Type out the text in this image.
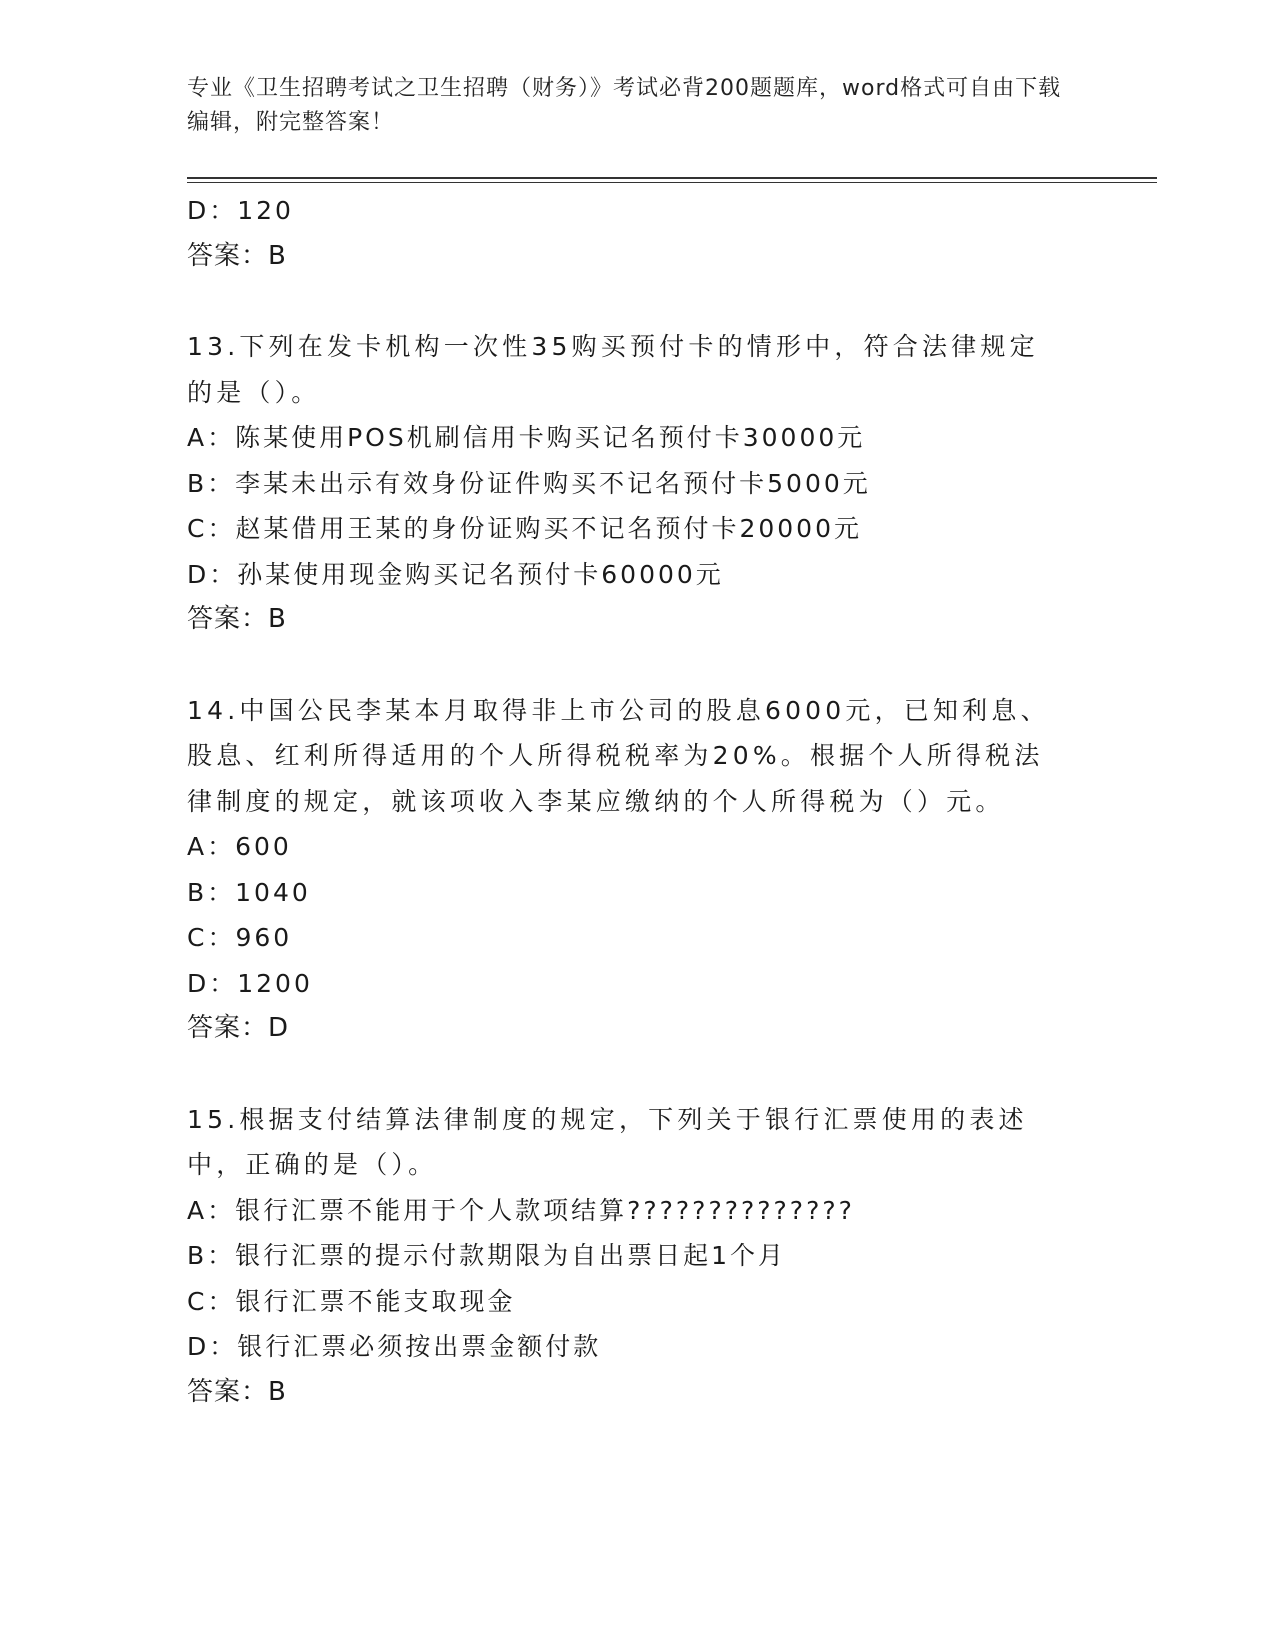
专业《卫生招聘考试之卫生招聘（财务）》考试必背200题题库，word格式可自由下载编辑，附完整答案！
D：120
答案：B
13.下列在发卡机构一次性35购买预付卡的情形中，符合法律规定的是（）。
A：陈某使用POS机刷信用卡购买记名预付卡30000元
B：李某未出示有效身份证件购买不记名预付卡5000元
C：赵某借用王某的身份证购买不记名预付卡20000元
D：孙某使用现金购买记名预付卡60000元
答案：B
14.中国公民李某本月取得非上市公司的股息6000元，已知利息、股息、红利所得适用的个人所得税税率为20%。根据个人所得税法律制度的规定，就该项收入李某应缴纳的个人所得税为（）元。
A：600
B：1040
C：960
D：1200
答案：D
15.根据支付结算法律制度的规定，下列关于银行汇票使用的表述中，正确的是（）。
A：银行汇票不能用于个人款项结算??????????????
B：银行汇票的提示付款期限为自出票日起1个月
C：银行汇票不能支取现金
D：银行汇票必须按出票金额付款
答案：B
